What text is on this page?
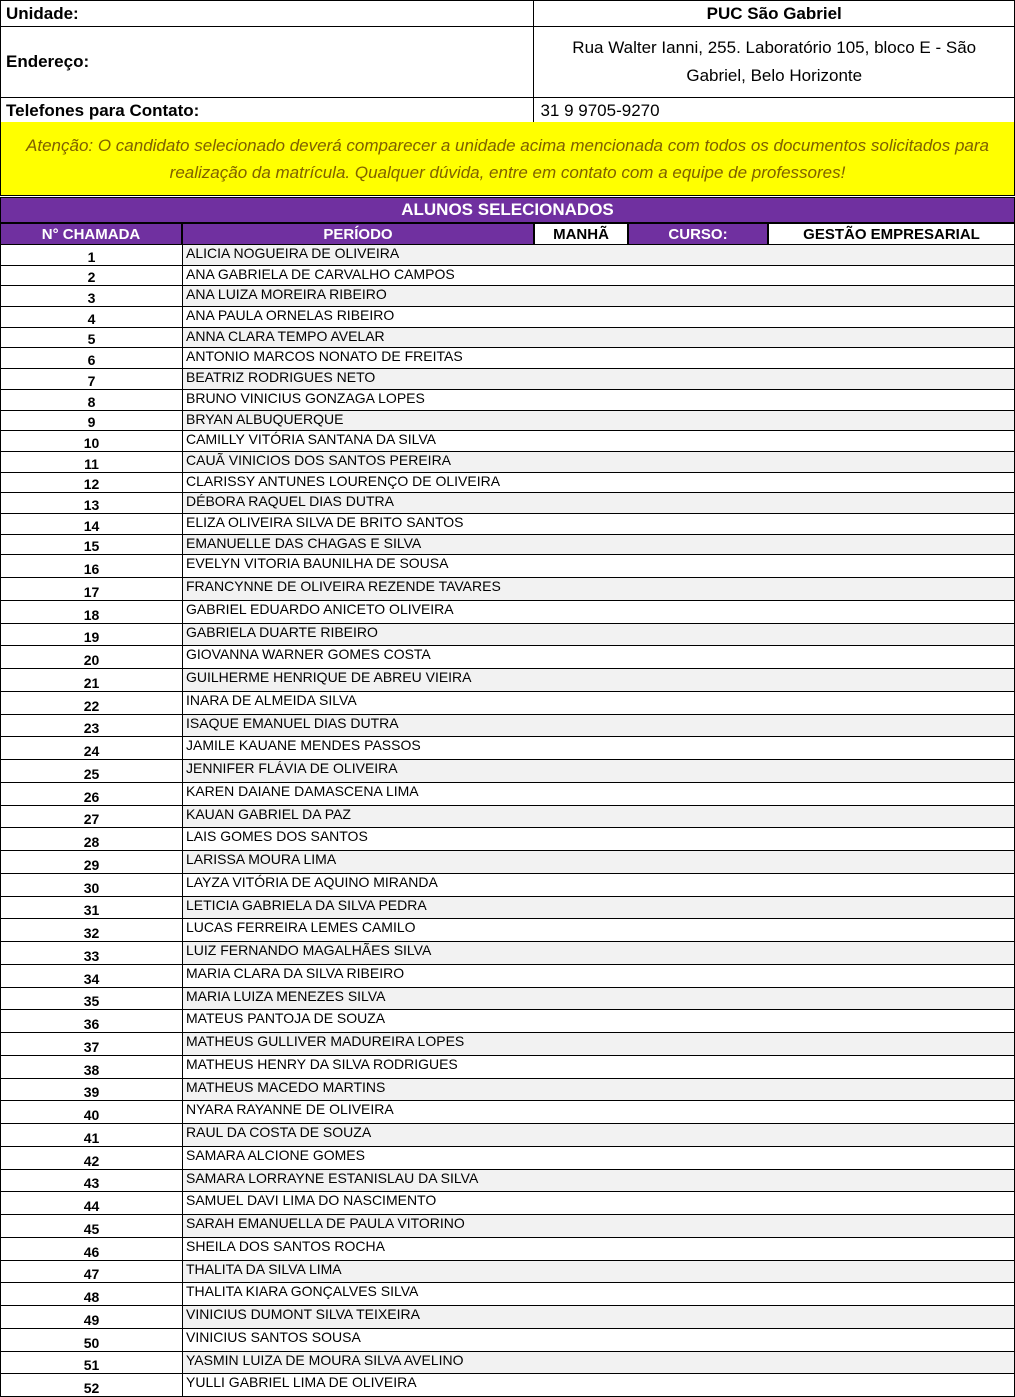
Unidade:	PUC São Gabriel
Endereço:	Rua Walter Ianni, 255. Laboratório 105, bloco E - São Gabriel, Belo Horizonte
Telefones para Contato:	31 9 9705-9270
Atenção: O candidato selecionado deverá comparecer a unidade acima mencionada com todos os documentos solicitados para realização da matrícula. Qualquer dúvida, entre em contato com a equipe de professores!
ALUNOS SELECIONADOS
N° CHAMADA	PERÍODO	MANHÃ	CURSO:	GESTÃO EMPRESARIAL
1	ALICIA NOGUEIRA DE OLIVEIRA
2	ANA GABRIELA DE CARVALHO CAMPOS
3	ANA LUIZA MOREIRA RIBEIRO
4	ANA PAULA ORNELAS RIBEIRO
5	ANNA CLARA TEMPO AVELAR
6	ANTONIO MARCOS NONATO DE FREITAS
7	BEATRIZ RODRIGUES NETO
8	BRUNO VINICIUS GONZAGA LOPES
9	BRYAN ALBUQUERQUE
10	CAMILLY VITÓRIA SANTANA DA SILVA
11	CAUÃ VINICIOS DOS SANTOS PEREIRA
12	CLARISSY ANTUNES LOURENÇO DE OLIVEIRA
13	DÉBORA RAQUEL DIAS DUTRA
14	ELIZA OLIVEIRA SILVA DE BRITO SANTOS
15	EMANUELLE DAS CHAGAS E SILVA
16	EVELYN VITORIA BAUNILHA DE SOUSA
17	FRANCYNNE DE OLIVEIRA REZENDE TAVARES
18	GABRIEL EDUARDO ANICETO OLIVEIRA
19	GABRIELA DUARTE RIBEIRO
20	GIOVANNA WARNER GOMES COSTA
21	GUILHERME HENRIQUE DE ABREU VIEIRA
22	INARA DE ALMEIDA SILVA
23	ISAQUE EMANUEL DIAS DUTRA
24	JAMILE KAUANE MENDES PASSOS
25	JENNIFER FLÁVIA DE OLIVEIRA
26	KAREN DAIANE DAMASCENA LIMA
27	KAUAN GABRIEL DA PAZ
28	LAIS GOMES DOS SANTOS
29	LARISSA MOURA LIMA
30	LAYZA VITÓRIA DE AQUINO MIRANDA
31	LETICIA GABRIELA DA SILVA PEDRA
32	LUCAS FERREIRA LEMES CAMILO
33	LUIZ FERNANDO MAGALHÃES SILVA
34	MARIA CLARA DA SILVA RIBEIRO
35	MARIA LUIZA MENEZES SILVA
36	MATEUS PANTOJA DE SOUZA
37	MATHEUS GULLIVER MADUREIRA LOPES
38	MATHEUS HENRY DA SILVA RODRIGUES
39	MATHEUS MACEDO MARTINS
40	NYARA RAYANNE DE OLIVEIRA
41	RAUL DA COSTA DE SOUZA
42	SAMARA ALCIONE GOMES
43	SAMARA LORRAYNE ESTANISLAU DA SILVA
44	SAMUEL DAVI LIMA DO NASCIMENTO
45	SARAH EMANUELLA DE PAULA VITORINO
46	SHEILA DOS SANTOS ROCHA
47	THALITA DA SILVA LIMA
48	THALITA KIARA GONÇALVES SILVA
49	VINICIUS DUMONT SILVA TEIXEIRA
50	VINICIUS SANTOS SOUSA
51	YASMIN LUIZA DE MOURA SILVA AVELINO
52	YULLI GABRIEL LIMA DE OLIVEIRA
